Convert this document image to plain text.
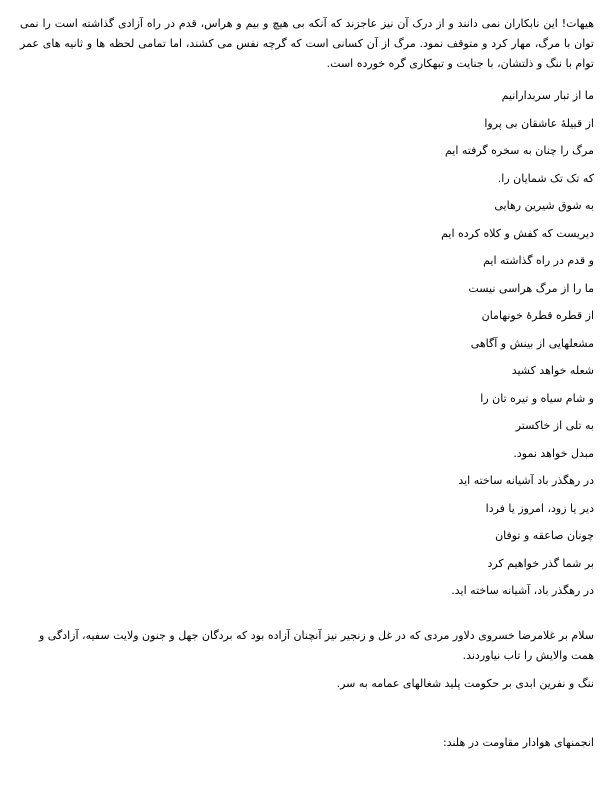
هیهات! این نابکاران نمی دانند و از درک آن نیز عاجزند که آنکه بی هیچ و بیم و هراس، قدم در راه آزادی گذاشته است را نمی توان با مرگ، مهار کرد و متوقف نمود. مرگ از آن کسانی است که گرچه نفس می کشند، اما تمامی لحظه ها و ثانیه های عمر توام با ننگ و ذلتشان، با جنایت و تبهکاری گره خورده است.

ما از تبار سربدارانیم
از قبیلهٔ عاشقان بی پروا
مرگ را چنان به سخره گرفته ایم
که تک تک شمایان را.
به شوق شیرین رهایی
دیریست که کفش و کلاه کرده ایم
و قدم در راه گذاشته ایم
ما را از مرگ هراسی نیست
از قطره قطرهٔ خونهامان
مشعلهایی از بینش و آگاهی
شعله خواهد کشید
و شام سیاه و تیره تان را
به تلی از خاکستر
مبدل خواهد نمود.
در رهگذر باد آشیانه ساخته اید
دیر یا زود، امروز یا فردا
چونان صاعقه و توفان
بر شما گذر خواهیم کرد
در رهگذر باد، آشیانه ساخته اید.

سلام بر غلامرضا خسروی دلاور مردی که در غل و زنجیر نیز آنچنان آزاده بود که بردگان جهل و جنون ولایت سفیه، آزادگی و همت والایش را تاب نیاوردند.

ننگ و نفرین ابدی بر حکومت پلید شغالهای عمامه به سر.

انجمنهای هوادار مقاومت در هلند:
